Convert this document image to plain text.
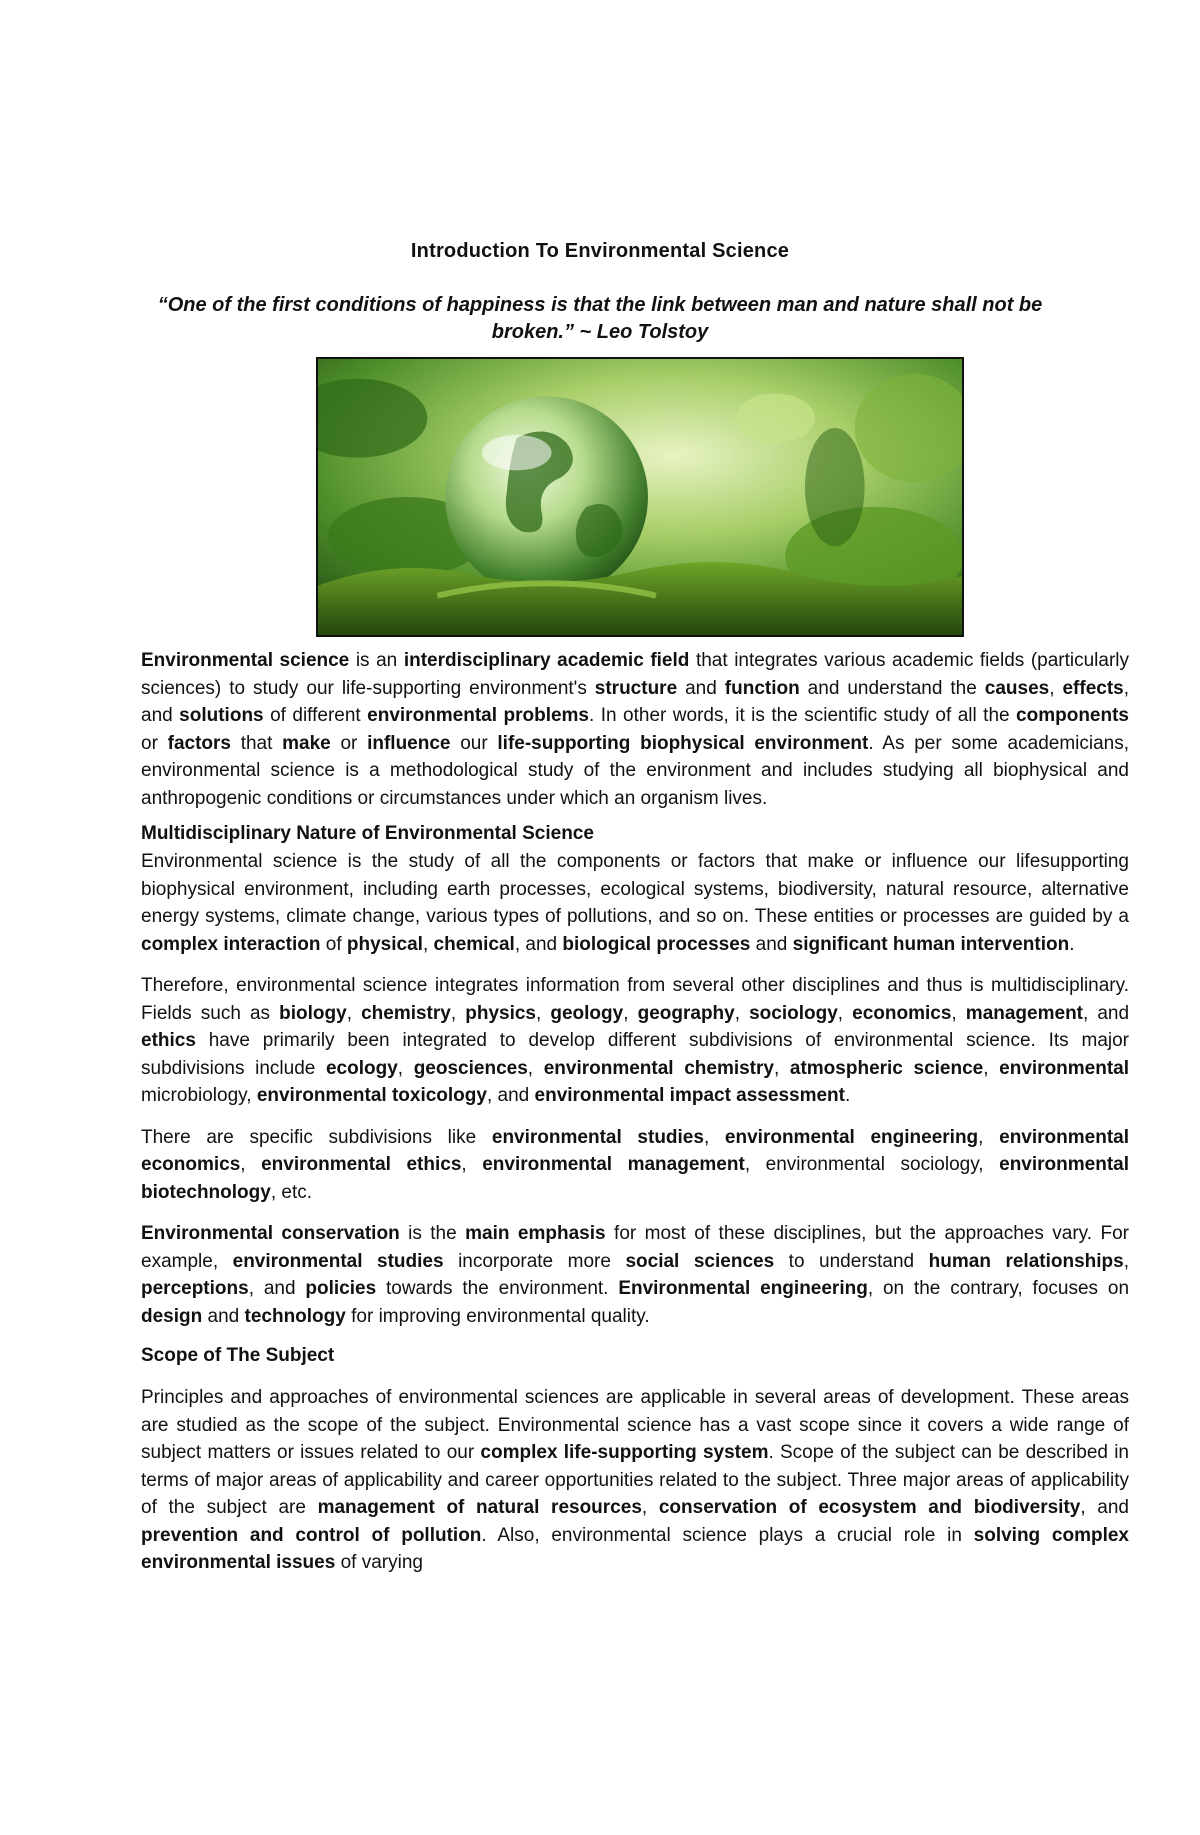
Introduction To Environmental Science
“One of the first conditions of happiness is that the link between man and nature shall not be broken.” ~ Leo Tolstoy

Environmental science is an interdisciplinary academic field that integrates various academic fields (particularly sciences) to study our life-supporting environment's structure and function and understand the causes, effects, and solutions of different environmental problems. In other words, it is the scientific study of all the components or factors that make or influence our life-supporting biophysical environment. As per some academicians, environmental science is a methodological study of the environment and includes studying all biophysical and anthropogenic conditions or circumstances under which an organism lives.

Multidisciplinary Nature of Environmental Science

Environmental science is the study of all the components or factors that make or influence our lifesupporting biophysical environment, including earth processes, ecological systems, biodiversity, natural resource, alternative energy systems, climate change, various types of pollutions, and so on. These entities or processes are guided by a complex interaction of physical, chemical, and biological processes and significant human intervention.

Therefore, environmental science integrates information from several other disciplines and thus is multidisciplinary. Fields such as biology, chemistry, physics, geology, geography, sociology, economics, management, and ethics have primarily been integrated to develop different subdivisions of environmental science. Its major subdivisions include ecology, geosciences, environmental chemistry, atmospheric science, environmental microbiology, environmental toxicology, and environmental impact assessment.

There are specific subdivisions like environmental studies, environmental engineering, environmental economics, environmental ethics, environmental management, environmental sociology, environmental biotechnology, etc.

Environmental conservation is the main emphasis for most of these disciplines, but the approaches vary. For example, environmental studies incorporate more social sciences to understand human relationships, perceptions, and policies towards the environment. Environmental engineering, on the contrary, focuses on design and technology for improving environmental quality.

Scope of The Subject

Principles and approaches of environmental sciences are applicable in several areas of development. These areas are studied as the scope of the subject. Environmental science has a vast scope since it covers a wide range of subject matters or issues related to our complex life-supporting system. Scope of the subject can be described in terms of major areas of applicability and career opportunities related to the subject. Three major areas of applicability of the subject are management of natural resources, conservation of ecosystem and biodiversity, and prevention and control of pollution. Also, environmental science plays a crucial role in solving complex environmental issues of varying
